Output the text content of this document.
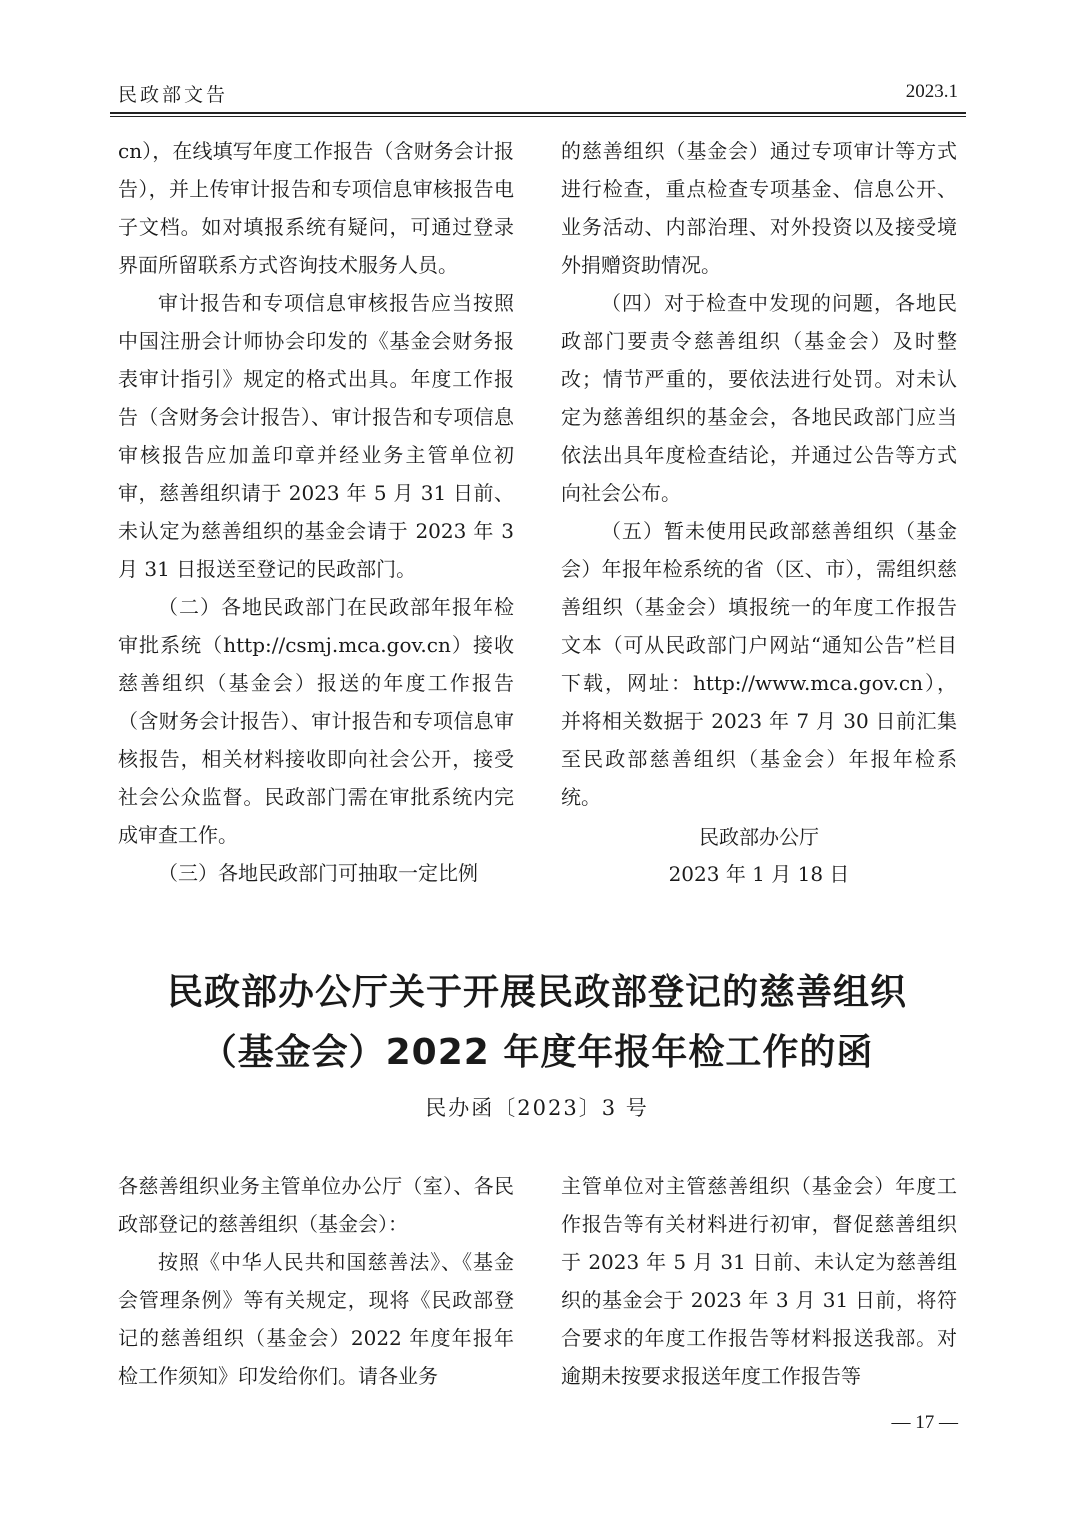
民政部文告	2023.1

cn），在线填写年度工作报告（含财务会计报告），并上传审计报告和专项信息审核报告电子文档。如对填报系统有疑问，可通过登录界面所留联系方式咨询技术服务人员。

审计报告和专项信息审核报告应当按照中国注册会计师协会印发的《基金会财务报表审计指引》规定的格式出具。年度工作报告（含财务会计报告）、审计报告和专项信息审核报告应加盖印章并经业务主管单位初审，慈善组织请于 2023 年 5 月 31 日前、未认定为慈善组织的基金会请于 2023 年 3 月 31 日报送至登记的民政部门。

（二）各地民政部门在民政部年报年检审批系统（http://csmj.mca.gov.cn）接收慈善组织（基金会）报送的年度工作报告（含财务会计报告）、审计报告和专项信息审核报告，相关材料接收即向社会公开，接受社会公众监督。民政部门需在审批系统内完成审查工作。

（三）各地民政部门可抽取一定比例

的慈善组织（基金会）通过专项审计等方式进行检查，重点检查专项基金、信息公开、业务活动、内部治理、对外投资以及接受境外捐赠资助情况。

（四）对于检查中发现的问题，各地民政部门要责令慈善组织（基金会）及时整改；情节严重的，要依法进行处罚。对未认定为慈善组织的基金会，各地民政部门应当依法出具年度检查结论，并通过公告等方式向社会公布。

（五）暂未使用民政部慈善组织（基金会）年报年检系统的省（区、市），需组织慈善组织（基金会）填报统一的年度工作报告文本（可从民政部门户网站“通知公告”栏目下载，网址：http://www.mca.gov.cn），并将相关数据于 2023 年 7 月 30 日前汇集至民政部慈善组织（基金会）年报年检系统。

民政部办公厅
2023 年 1 月 18 日
民政部办公厅关于开展民政部登记的慈善组织
（基金会）2022 年度年报年检工作的函
民办函〔2023〕3 号

各慈善组织业务主管单位办公厅（室）、各民政部登记的慈善组织（基金会）：

按照《中华人民共和国慈善法》、《基金会管理条例》等有关规定，现将《民政部登记的慈善组织（基金会）2022 年度年报年检工作须知》印发给你们。请各业务

主管单位对主管慈善组织（基金会）年度工作报告等有关材料进行初审，督促慈善组织于 2023 年 5 月 31 日前、未认定为慈善组织的基金会于 2023 年 3 月 31 日前，将符合要求的年度工作报告等材料报送我部。对逾期未按要求报送年度工作报告等

— 17 —
